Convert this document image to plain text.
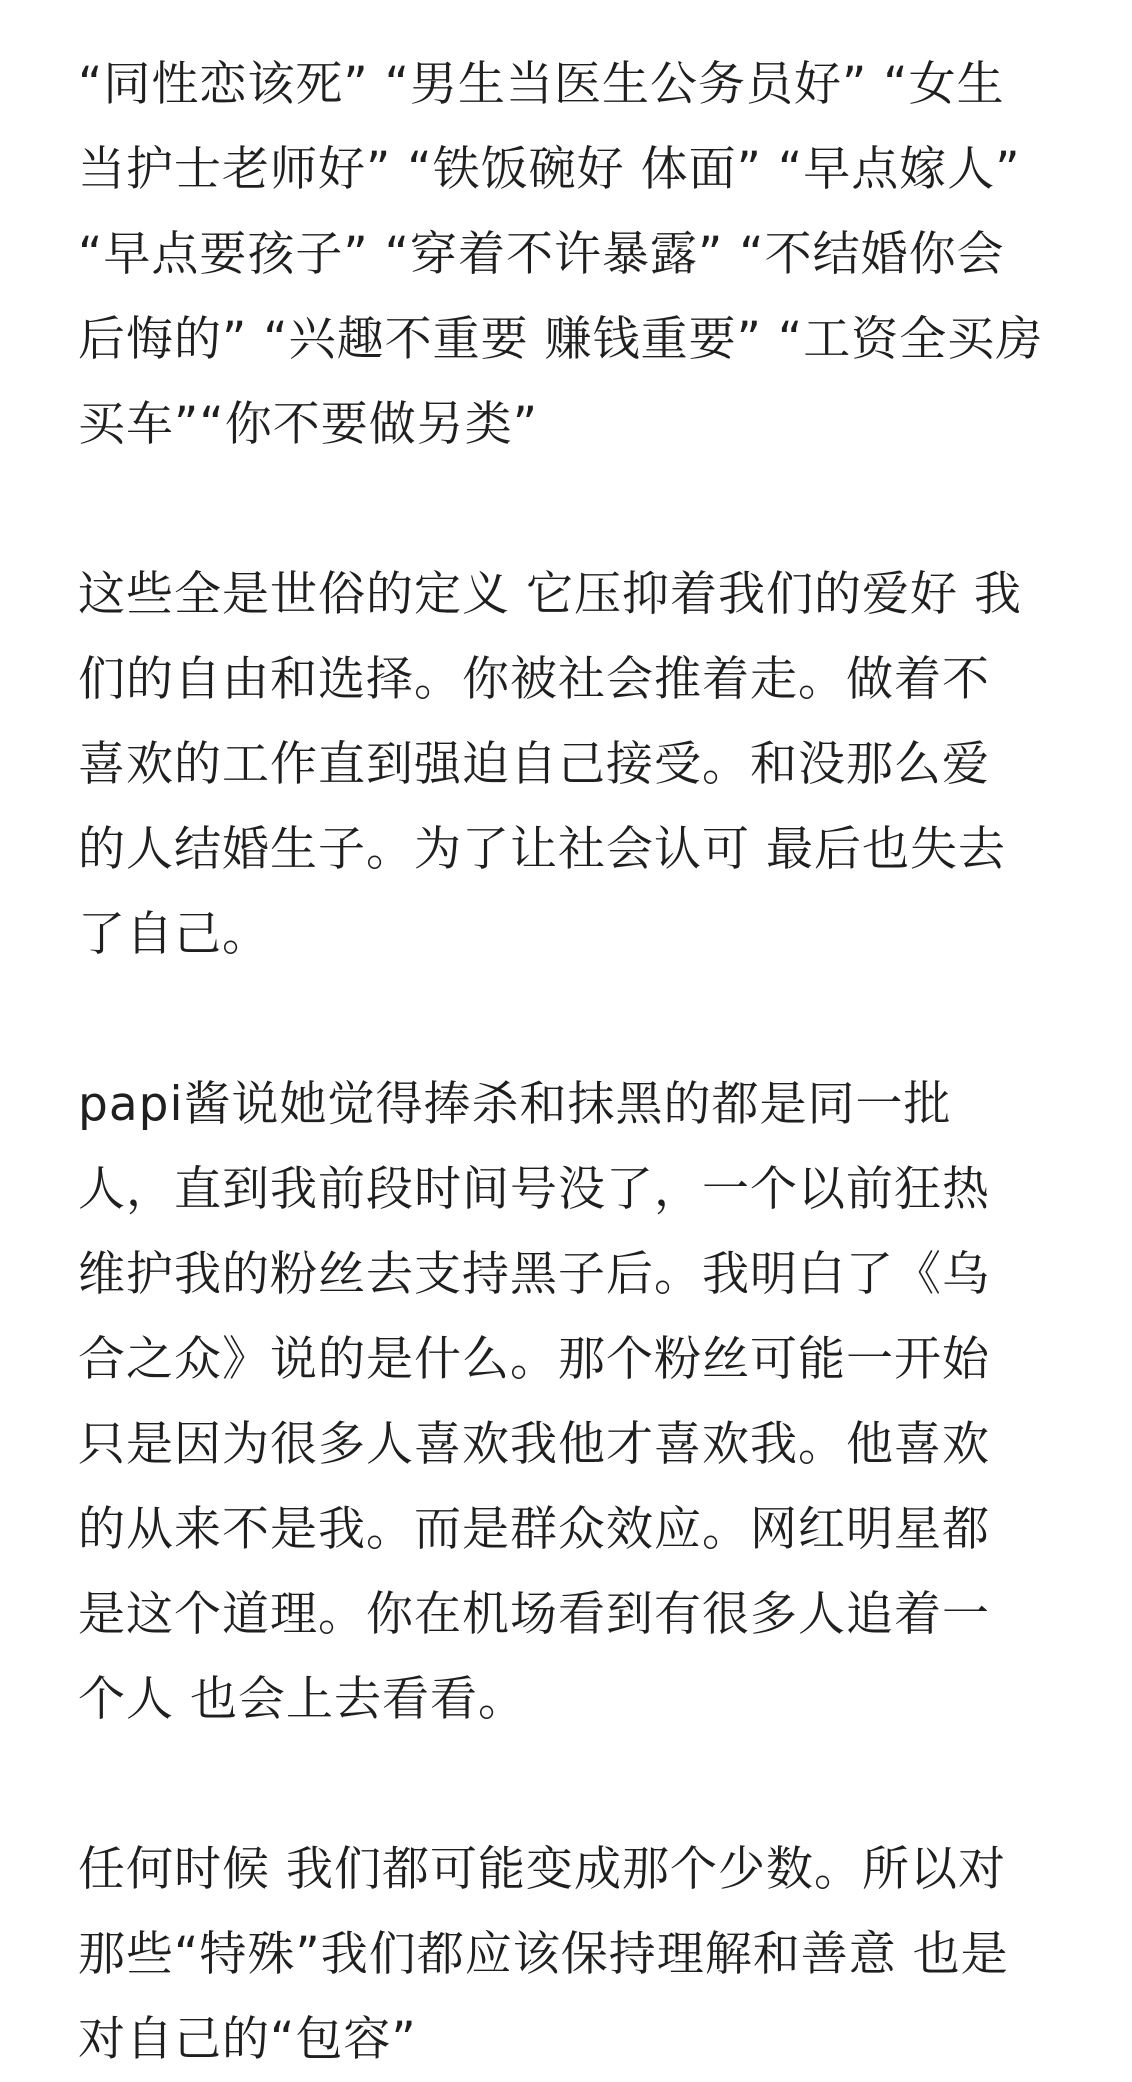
“同性恋该死” “男生当医生公务员好” “女生
当护士老师好” “铁饭碗好 体面” “早点嫁人”
“早点要孩子” “穿着不许暴露” “不结婚你会
后悔的” “兴趣不重要 赚钱重要” “工资全买房
买车”“你不要做另类”
这些全是世俗的定义 它压抑着我们的爱好 我
们的自由和选择。你被社会推着走。做着不
喜欢的工作直到强迫自己接受。和没那么爱
的人结婚生子。为了让社会认可 最后也失去
了自己。
papi酱说她觉得捧杀和抹黑的都是同一批
人，直到我前段时间号没了，一个以前狂热
维护我的粉丝去支持黑子后。我明白了《乌
合之众》说的是什么。那个粉丝可能一开始
只是因为很多人喜欢我他才喜欢我。他喜欢
的从来不是我。而是群众效应。网红明星都
是这个道理。你在机场看到有很多人追着一
个人 也会上去看看。
任何时候 我们都可能变成那个少数。所以对
那些“特殊”我们都应该保持理解和善意 也是
对自己的“包容”
